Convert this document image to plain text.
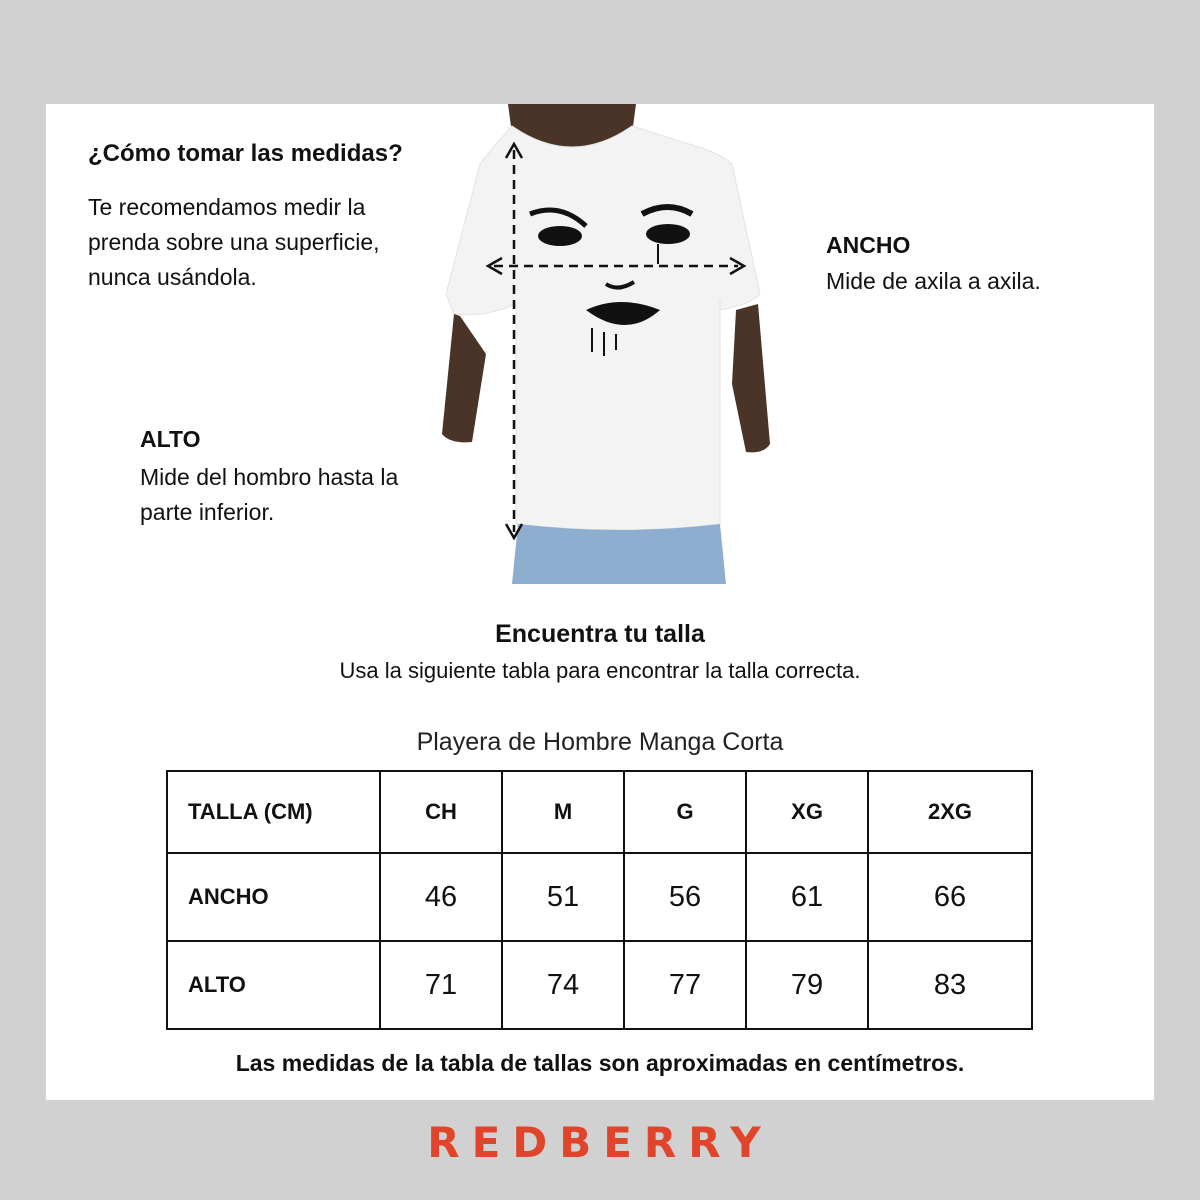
¿Cómo tomar las medidas?
Te recomendamos medir la prenda sobre una superficie, nunca usándola.
ANCHO
Mide de axila a axila.
ALTO
Mide del hombro hasta la parte inferior.
Encuentra tu talla
Usa la siguiente tabla para encontrar la talla correcta.
Playera de Hombre Manga Corta
TALLA (CM)	CH	M	G	XG	2XG
ANCHO	46	51	56	61	66
ALTO	71	74	77	79	83
Las medidas de la tabla de tallas son aproximadas en centímetros.
REDBERRY
